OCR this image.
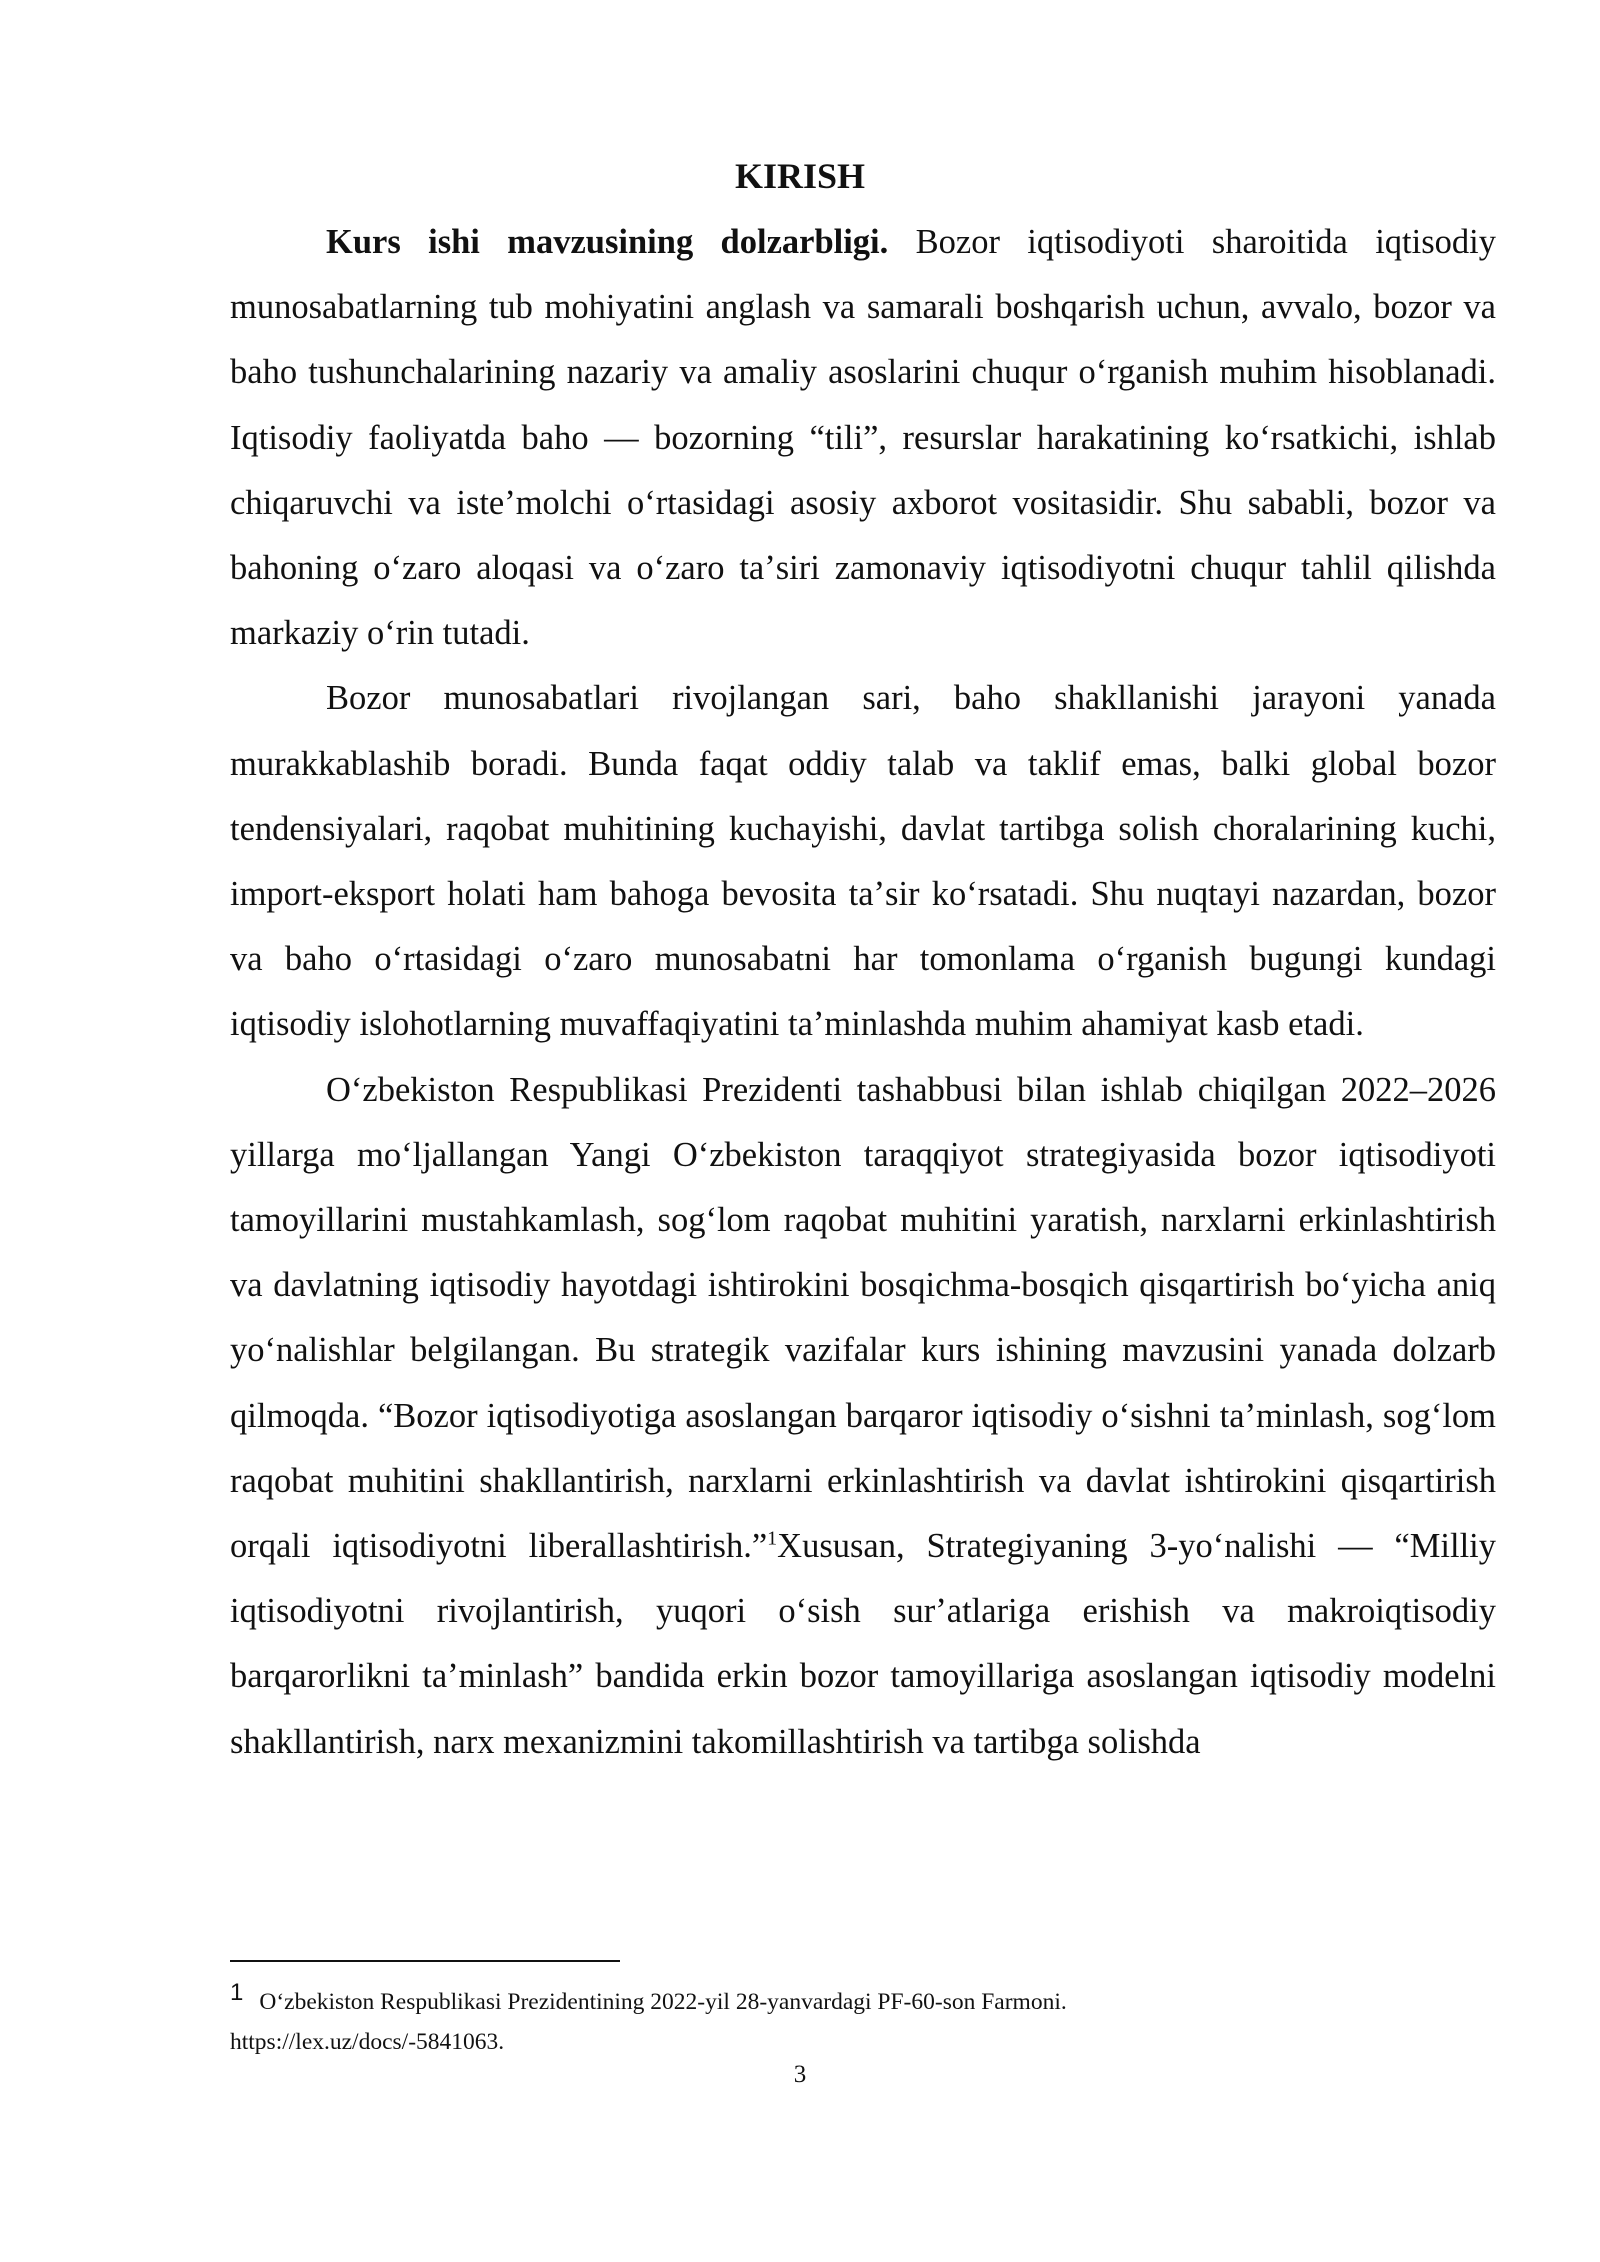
KIRISH

Kurs ishi mavzusining dolzarbligi. Bozor iqtisodiyoti sharoitida iqtisodiy munosabatlarning tub mohiyatini anglash va samarali boshqarish uchun, avvalo, bozor va baho tushunchalarining nazariy va amaliy asoslarini chuqur oʻrganish muhim hisoblanadi. Iqtisodiy faoliyatda baho — bozorning “tili”, resurslar harakatining koʻrsatkichi, ishlab chiqaruvchi va isteʼmolchi oʻrtasidagi asosiy axborot vositasidir. Shu sababli, bozor va bahoning oʻzaro aloqasi va oʻzaro taʼsiri zamonaviy iqtisodiyotni chuqur tahlil qilishda markaziy oʻrin tutadi.

Bozor munosabatlari rivojlangan sari, baho shakllanishi jarayoni yanada murakkablashib boradi. Bunda faqat oddiy talab va taklif emas, balki global bozor tendensiyalari, raqobat muhitining kuchayishi, davlat tartibga solish choralarining kuchi, import-eksport holati ham bahoga bevosita taʼsir koʻrsatadi. Shu nuqtayi nazardan, bozor va baho oʻrtasidagi oʻzaro munosabatni har tomonlama oʻrganish bugungi kundagi iqtisodiy islohotlarning muvaffaqiyatini taʼminlashda muhim ahamiyat kasb etadi.

Oʻzbekiston Respublikasi Prezidenti tashabbusi bilan ishlab chiqilgan 2022–2026 yillarga moʻljallangan Yangi Oʻzbekiston taraqqiyot strategiyasida bozor iqtisodiyoti tamoyillarini mustahkamlash, sogʻlom raqobat muhitini yaratish, narxlarni erkinlashtirish va davlatning iqtisodiy hayotdagi ishtirokini bosqichma-bosqich qisqartirish boʻyicha aniq yoʻnalishlar belgilangan. Bu strategik vazifalar kurs ishining mavzusini yanada dolzarb qilmoqda. “Bozor iqtisodiyotiga asoslangan barqaror iqtisodiy oʻsishni taʼminlash, sogʻlom raqobat muhitini shakllantirish, narxlarni erkinlashtirish va davlat ishtirokini qisqartirish orqali iqtisodiyotni liberallashtirish.”$^1$Xususan, Strategiyaning 3-yoʻnalishi — “Milliy iqtisodiyotni rivojlantirish, yuqori oʻsish surʼatlariga erishish va makroiqtisodiy barqarorlikni taʼminlash” bandida erkin bozor tamoyillariga asoslangan iqtisodiy modelni shakllantirish, narx mexanizmini takomillashtirish va tartibga solishda

1 Oʻzbekiston Respublikasi Prezidentining 2022-yil 28-yanvardagi PF-60-son Farmoni.
https://lex.uz/docs/-5841063.

3
